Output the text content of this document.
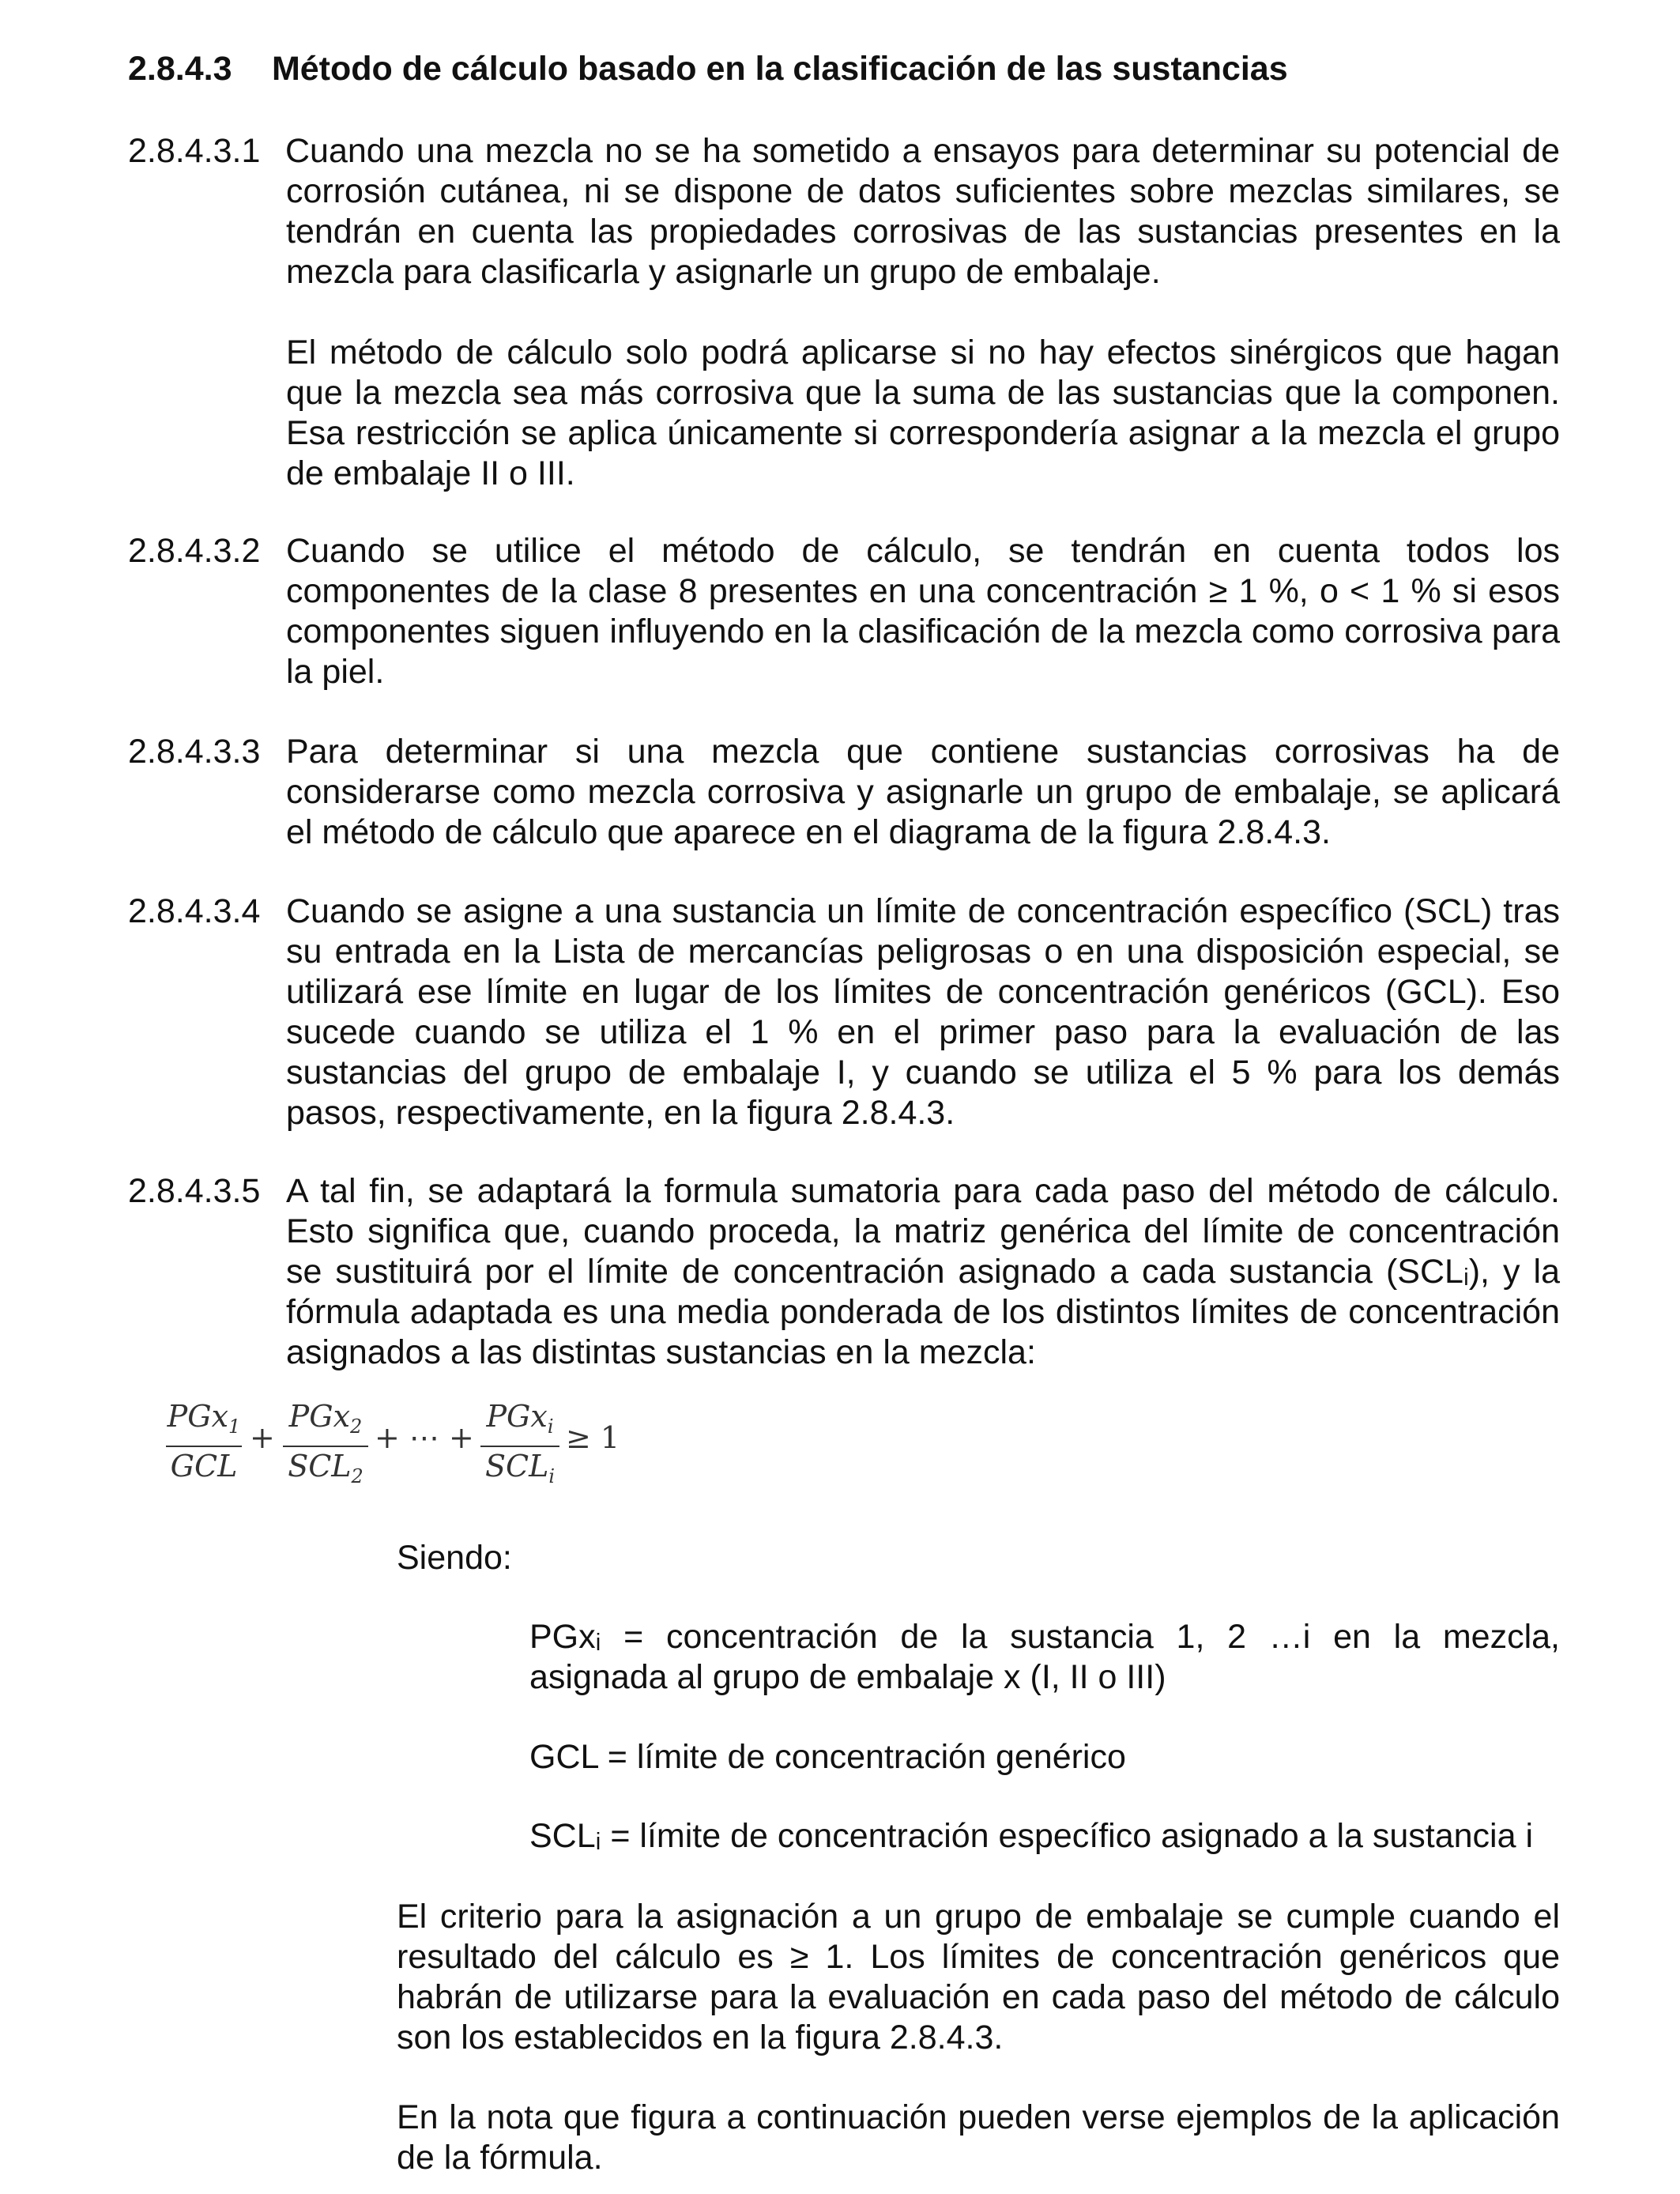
2.8.4.3 Método de cálculo basado en la clasificación de las sustancias
2.8.4.3.1 Cuando una mezcla no se ha sometido a ensayos para determinar su potencial de corrosión cutánea, ni se dispone de datos suficientes sobre mezclas similares, se tendrán en cuenta las propiedades corrosivas de las sustancias presentes en la mezcla para clasificarla y asignarle un grupo de embalaje.

El método de cálculo solo podrá aplicarse si no hay efectos sinérgicos que hagan que la mezcla sea más corrosiva que la suma de las sustancias que la componen. Esa restricción se aplica únicamente si correspondería asignar a la mezcla el grupo de embalaje II o III.

2.8.4.3.2 Cuando se utilice el método de cálculo, se tendrán en cuenta todos los componentes de la clase 8 presentes en una concentración ≥ 1 %, o < 1 % si esos componentes siguen influyendo en la clasificación de la mezcla como corrosiva para la piel.

2.8.4.3.3 Para determinar si una mezcla que contiene sustancias corrosivas ha de considerarse como mezcla corrosiva y asignarle un grupo de embalaje, se aplicará el método de cálculo que aparece en el diagrama de la figura 2.8.4.3.

2.8.4.3.4 Cuando se asigne a una sustancia un límite de concentración específico (SCL) tras su entrada en la Lista de mercancías peligrosas o en una disposición especial, se utilizará ese límite en lugar de los límites de concentración genéricos (GCL). Eso sucede cuando se utiliza el 1 % en el primer paso para la evaluación de las sustancias del grupo de embalaje I, y cuando se utiliza el 5 % para los demás pasos, respectivamente, en la figura 2.8.4.3.

2.8.4.3.5 A tal fin, se adaptará la formula sumatoria para cada paso del método de cálculo. Esto significa que, cuando proceda, la matriz genérica del límite de concentración se sustituirá por el límite de concentración asignado a cada sustancia (SCLᵢ), y la fórmula adaptada es una media ponderada de los distintos límites de concentración asignados a las distintas sustancias en la mezcla:

PGx$_1$
GCL
+
PGx$_2$
$SCL_2$
+ ⋯ +
PGx$_i$
$SCL_i$
≥ 1
Siendo:
PGxᵢ = concentración de la sustancia 1, 2 …i en la mezcla, asignada al grupo de embalaje x (I, II o III)
GCL = límite de concentración genérico
SCLᵢ = límite de concentración específico asignado a la sustancia i
El criterio para la asignación a un grupo de embalaje se cumple cuando el resultado del cálculo es ≥ 1. Los límites de concentración genéricos que habrán de utilizarse para la evaluación en cada paso del método de cálculo son los establecidos en la figura 2.8.4.3.
En la nota que figura a continuación pueden verse ejemplos de la aplicación de la fórmula.
